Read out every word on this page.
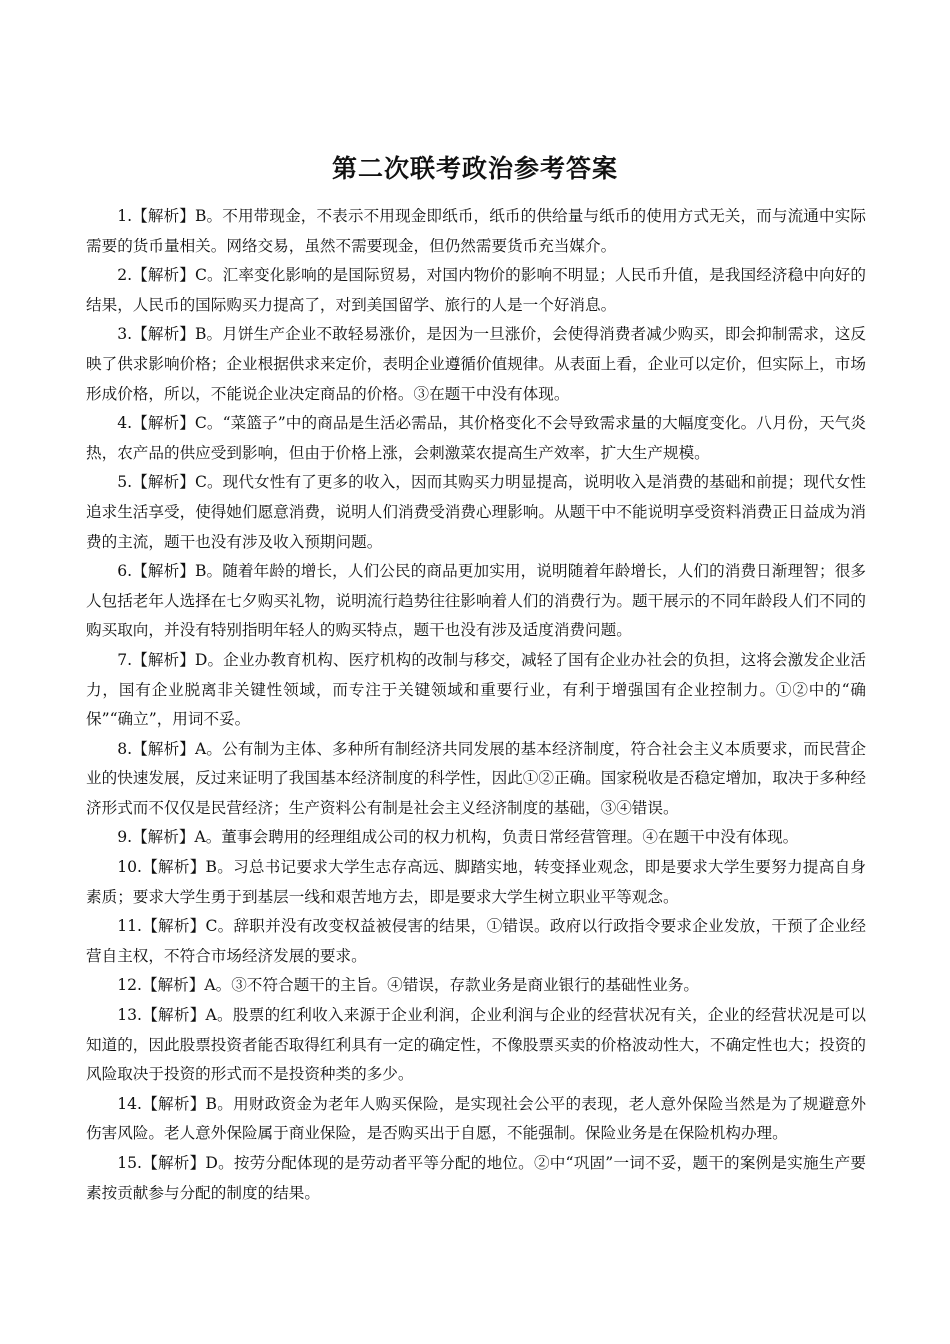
第二次联考政治参考答案

1.【解析】B。不用带现金，不表示不用现金即纸币，纸币的供给量与纸币的使用方式无关，而与流通中实际需要的货币量相关。网络交易，虽然不需要现金，但仍然需要货币充当媒介。

2.【解析】C。汇率变化影响的是国际贸易，对国内物价的影响不明显；人民币升值，是我国经济稳中向好的结果，人民币的国际购买力提高了，对到美国留学、旅行的人是一个好消息。

3.【解析】B。月饼生产企业不敢轻易涨价，是因为一旦涨价，会使得消费者减少购买，即会抑制需求，这反映了供求影响价格；企业根据供求来定价，表明企业遵循价值规律。从表面上看，企业可以定价，但实际上，市场形成价格，所以，不能说企业决定商品的价格。③在题干中没有体现。

4.【解析】C。“菜篮子”中的商品是生活必需品，其价格变化不会导致需求量的大幅度变化。八月份，天气炎热，农产品的供应受到影响，但由于价格上涨，会刺激菜农提高生产效率，扩大生产规模。

5.【解析】C。现代女性有了更多的收入，因而其购买力明显提高，说明收入是消费的基础和前提；现代女性追求生活享受，使得她们愿意消费，说明人们消费受消费心理影响。从题干中不能说明享受资料消费正日益成为消费的主流，题干也没有涉及收入预期问题。

6.【解析】B。随着年龄的增长，人们公民的商品更加实用，说明随着年龄增长，人们的消费日渐理智；很多人包括老年人选择在七夕购买礼物，说明流行趋势往往影响着人们的消费行为。题干展示的不同年龄段人们不同的购买取向，并没有特别指明年轻人的购买特点，题干也没有涉及适度消费问题。

7.【解析】D。企业办教育机构、医疗机构的改制与移交，减轻了国有企业办社会的负担，这将会激发企业活力，国有企业脱离非关键性领域，而专注于关键领域和重要行业，有利于增强国有企业控制力。①②中的“确保”“确立”，用词不妥。

8.【解析】A。公有制为主体、多种所有制经济共同发展的基本经济制度，符合社会主义本质要求，而民营企业的快速发展，反过来证明了我国基本经济制度的科学性，因此①②正确。国家税收是否稳定增加，取决于多种经济形式而不仅仅是民营经济；生产资料公有制是社会主义经济制度的基础，③④错误。

9.【解析】A。董事会聘用的经理组成公司的权力机构，负责日常经营管理。④在题干中没有体现。

10.【解析】B。习总书记要求大学生志存高远、脚踏实地，转变择业观念，即是要求大学生要努力提高自身素质；要求大学生勇于到基层一线和艰苦地方去，即是要求大学生树立职业平等观念。

11.【解析】C。辞职并没有改变权益被侵害的结果，①错误。政府以行政指令要求企业发放，干预了企业经营自主权，不符合市场经济发展的要求。

12.【解析】A。③不符合题干的主旨。④错误，存款业务是商业银行的基础性业务。

13.【解析】A。股票的红利收入来源于企业利润，企业利润与企业的经营状况有关，企业的经营状况是可以知道的，因此股票投资者能否取得红利具有一定的确定性，不像股票买卖的价格波动性大，不确定性也大；投资的风险取决于投资的形式而不是投资种类的多少。

14.【解析】B。用财政资金为老年人购买保险，是实现社会公平的表现，老人意外保险当然是为了规避意外伤害风险。老人意外保险属于商业保险，是否购买出于自愿，不能强制。保险业务是在保险机构办理。

15.【解析】D。按劳分配体现的是劳动者平等分配的地位。②中“巩固”一词不妥，题干的案例是实施生产要素按贡献参与分配的制度的结果。
